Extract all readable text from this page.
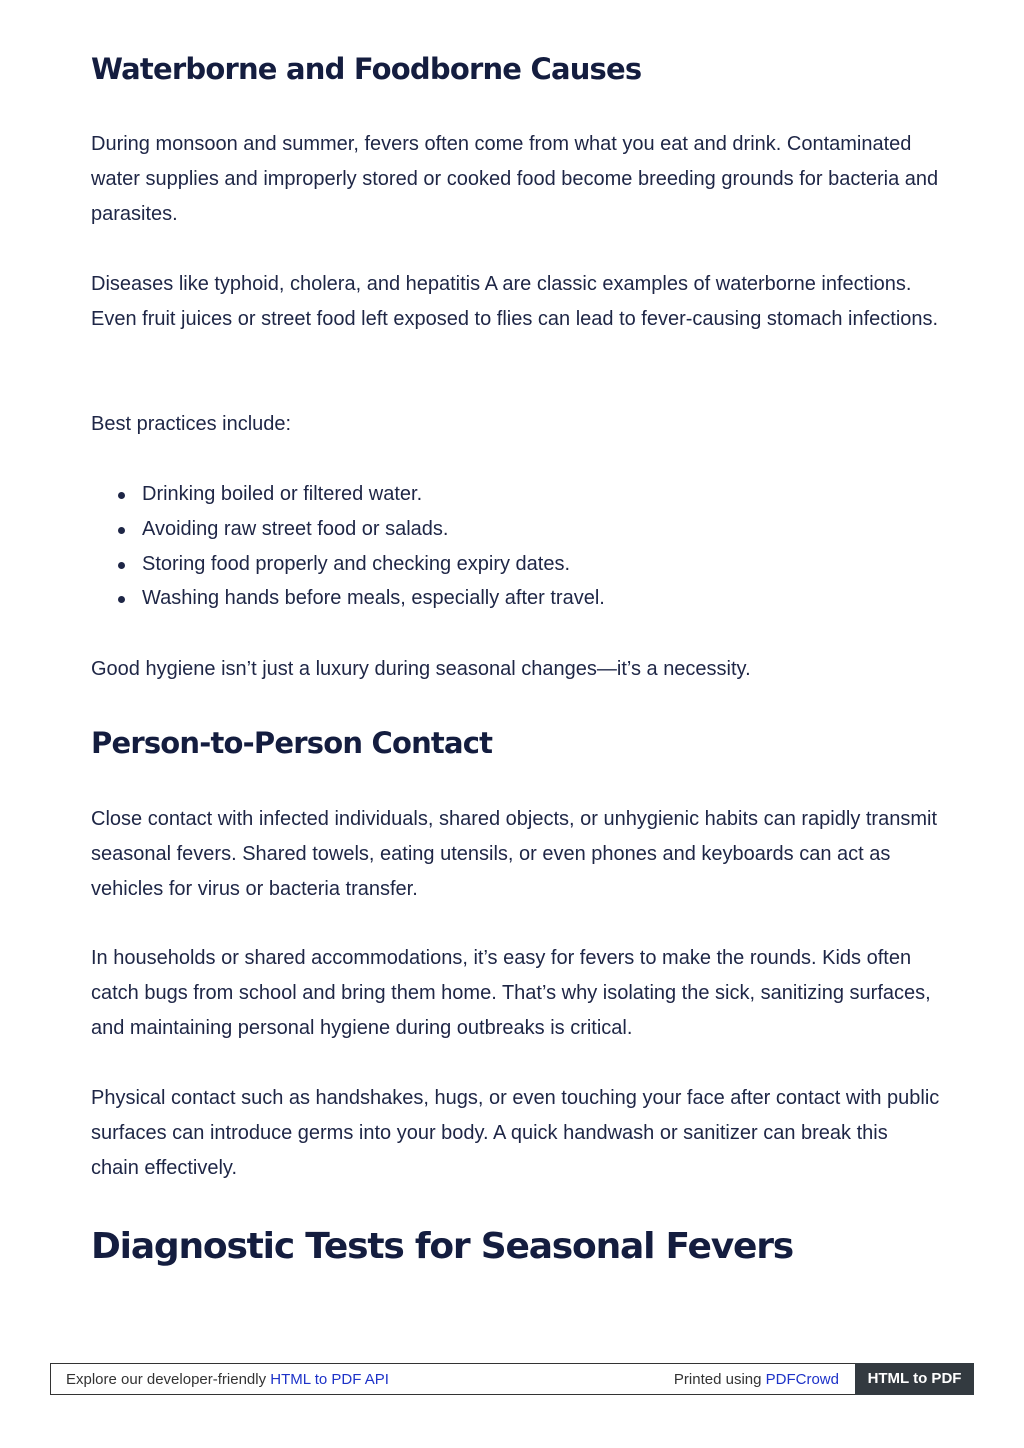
Waterborne and Foodborne Causes

During monsoon and summer, fevers often come from what you eat and drink. Contaminated water supplies and improperly stored or cooked food become breeding grounds for bacteria and parasites.

Diseases like typhoid, cholera, and hepatitis A are classic examples of waterborne infections. Even fruit juices or street food left exposed to flies can lead to fever-causing stomach infections.

Best practices include:

Drinking boiled or filtered water.
Avoiding raw street food or salads.
Storing food properly and checking expiry dates.
Washing hands before meals, especially after travel.

Good hygiene isn’t just a luxury during seasonal changes—it’s a necessity.

Person-to-Person Contact

Close contact with infected individuals, shared objects, or unhygienic habits can rapidly transmit seasonal fevers. Shared towels, eating utensils, or even phones and keyboards can act as vehicles for virus or bacteria transfer.

In households or shared accommodations, it’s easy for fevers to make the rounds. Kids often catch bugs from school and bring them home. That’s why isolating the sick, sanitizing surfaces, and maintaining personal hygiene during outbreaks is critical.

Physical contact such as handshakes, hugs, or even touching your face after contact with public surfaces can introduce germs into your body. A quick handwash or sanitizer can break this chain effectively.

Diagnostic Tests for Seasonal Fevers
Explore our developer-friendly HTML to PDF API	Printed using PDFCrowd	HTML to PDF
